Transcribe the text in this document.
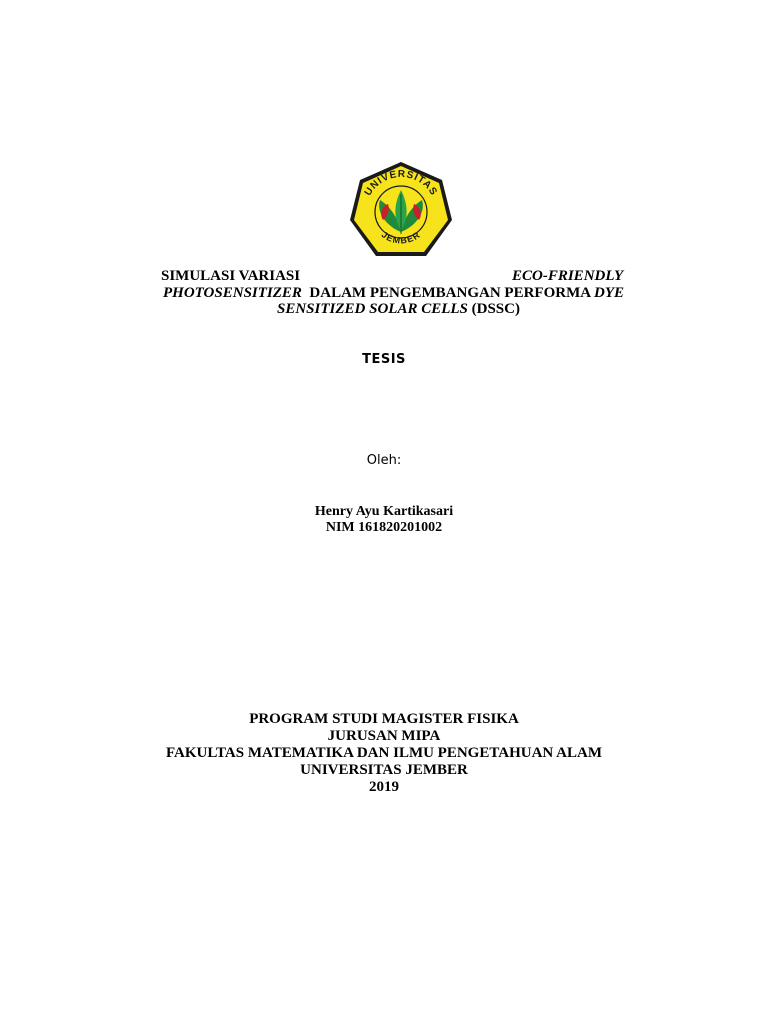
UNIVERSITAS
JEMBER
SIMULASI VARIASI	ECO-FRIENDLY
PHOTOSENSITIZER  DALAM PENGEMBANGAN PERFORMA DYE
SENSITIZED SOLAR CELLS (DSSC)
TESIS
Oleh:
Henry Ayu Kartikasari
NIM 161820201002
PROGRAM STUDI MAGISTER FISIKA
JURUSAN MIPA
FAKULTAS MATEMATIKA DAN ILMU PENGETAHUAN ALAM
UNIVERSITAS JEMBER
2019
